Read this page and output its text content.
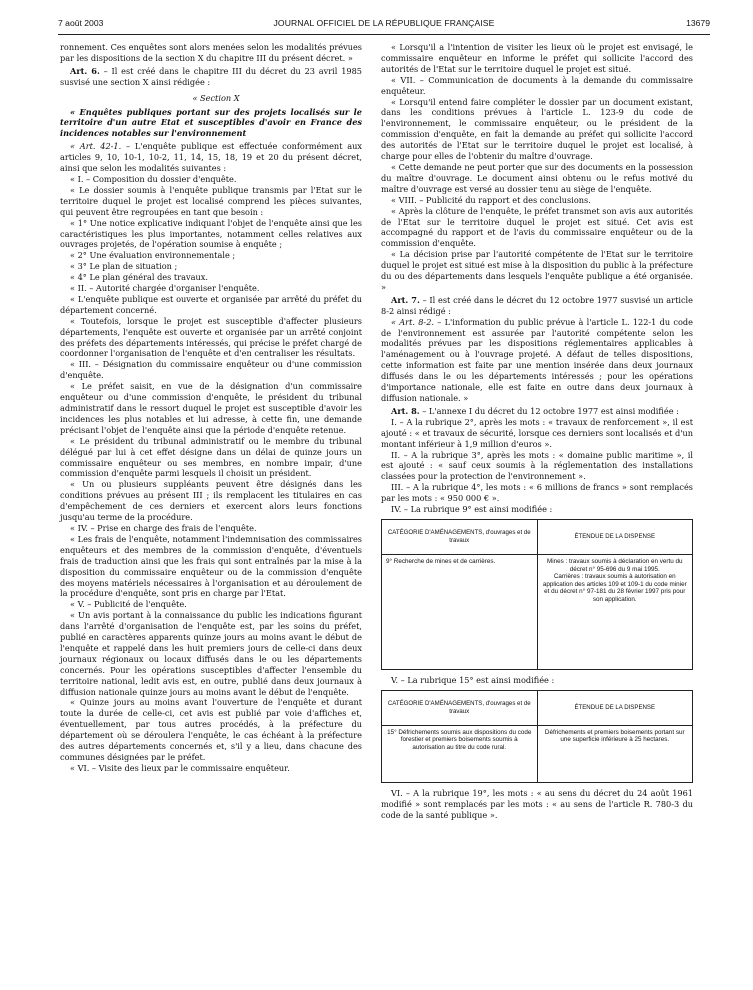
7 août 2003	JOURNAL OFFICIEL DE LA RÉPUBLIQUE FRANÇAISE	13679

ronnement. Ces enquêtes sont alors menées selon les modalités prévues par les dispositions de la section X du chapitre III du présent décret. »

Art. 6. – Il est créé dans le chapitre III du décret du 23 avril 1985 susvisé une section X ainsi rédigée :

« Section X

« Enquêtes publiques portant sur des projets localisés sur le territoire d'un autre Etat et susceptibles d'avoir en France des incidences notables sur l'environnement

« Art. 42-1. – L'enquête publique est effectuée conformément aux articles 9, 10, 10-1, 10-2, 11, 14, 15, 18, 19 et 20 du présent décret, ainsi que selon les modalités suivantes :

« I. – Composition du dossier d'enquête.

« Le dossier soumis à l'enquête publique transmis par l'Etat sur le territoire duquel le projet est localisé comprend les pièces suivantes, qui peuvent être regroupées en tant que besoin :

« 1° Une notice explicative indiquant l'objet de l'enquête ainsi que les caractéristiques les plus importantes, notamment celles relatives aux ouvrages projetés, de l'opération soumise à enquête ;

« 2° Une évaluation environnementale ;

« 3° Le plan de situation ;

« 4° Le plan général des travaux.

« II. – Autorité chargée d'organiser l'enquête.

« L'enquête publique est ouverte et organisée par arrêté du préfet du département concerné.

« Toutefois, lorsque le projet est susceptible d'affecter plusieurs départements, l'enquête est ouverte et organisée par un arrêté conjoint des préfets des départements intéressés, qui précise le préfet chargé de coordonner l'organisation de l'enquête et d'en centraliser les résultats.

« III. – Désignation du commissaire enquêteur ou d'une commission d'enquête.

« Le préfet saisit, en vue de la désignation d'un commissaire enquêteur ou d'une commission d'enquête, le président du tribunal administratif dans le ressort duquel le projet est susceptible d'avoir les incidences les plus notables et lui adresse, à cette fin, une demande précisant l'objet de l'enquête ainsi que la période d'enquête retenue.

« Le président du tribunal administratif ou le membre du tribunal délégué par lui à cet effet désigne dans un délai de quinze jours un commissaire enquêteur ou ses membres, en nombre impair, d'une commission d'enquête parmi lesquels il choisit un président.

« Un ou plusieurs suppléants peuvent être désignés dans les conditions prévues au présent III ; ils remplacent les titulaires en cas d'empêchement de ces derniers et exercent alors leurs fonctions jusqu'au terme de la procédure.

« IV. – Prise en charge des frais de l'enquête.

« Les frais de l'enquête, notamment l'indemnisation des commissaires enquêteurs et des membres de la commission d'enquête, d'éventuels frais de traduction ainsi que les frais qui sont entraînés par la mise à la disposition du commissaire enquêteur ou de la commission d'enquête des moyens matériels nécessaires à l'organisation et au déroulement de la procédure d'enquête, sont pris en charge par l'Etat.

« V. – Publicité de l'enquête.

« Un avis portant à la connaissance du public les indications figurant dans l'arrêté d'organisation de l'enquête est, par les soins du préfet, publié en caractères apparents quinze jours au moins avant le début de l'enquête et rappelé dans les huit premiers jours de celle-ci dans deux journaux régionaux ou locaux diffusés dans le ou les départements concernés. Pour les opérations susceptibles d'affecter l'ensemble du territoire national, ledit avis est, en outre, publié dans deux journaux à diffusion nationale quinze jours au moins avant le début de l'enquête.

« Quinze jours au moins avant l'ouverture de l'enquête et durant toute la durée de celle-ci, cet avis est publié par voie d'affiches et, éventuellement, par tous autres procédés, à la préfecture du département où se déroulera l'enquête, le cas échéant à la préfecture des autres départements concernés et, s'il y a lieu, dans chacune des communes désignées par le préfet.

« VI. – Visite des lieux par le commissaire enquêteur.

« Lorsqu'il a l'intention de visiter les lieux où le projet est envisagé, le commissaire enquêteur en informe le préfet qui sollicite l'accord des autorités de l'Etat sur le territoire duquel le projet est situé.

« VII. – Communication de documents à la demande du commissaire enquêteur.

« Lorsqu'il entend faire compléter le dossier par un document existant, dans les conditions prévues à l'article L. 123-9 du code de l'environnement, le commissaire enquêteur, ou le président de la commission d'enquête, en fait la demande au préfet qui sollicite l'accord des autorités de l'Etat sur le territoire duquel le projet est localisé, à charge pour elles de l'obtenir du maître d'ouvrage.

« Cette demande ne peut porter que sur des documents en la possession du maître d'ouvrage. Le document ainsi obtenu ou le refus motivé du maître d'ouvrage est versé au dossier tenu au siège de l'enquête.

« VIII. – Publicité du rapport et des conclusions.

« Après la clôture de l'enquête, le préfet transmet son avis aux autorités de l'Etat sur le territoire duquel le projet est situé. Cet avis est accompagné du rapport et de l'avis du commissaire enquêteur ou de la commission d'enquête.

« La décision prise par l'autorité compétente de l'Etat sur le territoire duquel le projet est situé est mise à la disposition du public à la préfecture du ou des départements dans lesquels l'enquête publique a été organisée. »

Art. 7. – Il est créé dans le décret du 12 octobre 1977 susvisé un article 8-2 ainsi rédigé :

« Art. 8-2. – L'information du public prévue à l'article L. 122-1 du code de l'environnement est assurée par l'autorité compétente selon les modalités prévues par les dispositions réglementaires applicables à l'aménagement ou à l'ouvrage projeté. A défaut de telles dispositions, cette information est faite par une mention insérée dans deux journaux diffusés dans le ou les départements intéressés ; pour les opérations d'importance nationale, elle est faite en outre dans deux journaux à diffusion nationale. »

Art. 8. – L'annexe I du décret du 12 octobre 1977 est ainsi modifiée :

I. – A la rubrique 2°, après les mots : « travaux de renforcement », il est ajouté : « et travaux de sécurité, lorsque ces derniers sont localisés et d'un montant inférieur à 1,9 million d'euros ».

II. – A la rubrique 3°, après les mots : « domaine public maritime », il est ajouté : « sauf ceux soumis à la réglementation des installations classées pour la protection de l'environnement ».

III. – A la rubrique 4°, les mots : « 6 millions de francs » sont remplacés par les mots : « 950 000 € ».

IV. – La rubrique 9° est ainsi modifiée :

CATÉGORIE D'AMÉNAGEMENTS, d'ouvrages et de travaux	ÉTENDUE DE LA DISPENSE
9° Recherche de mines et de carrières.	Mines : travaux soumis à déclaration en vertu du décret n° 95-696 du 9 mai 1995.
Carrières : travaux soumis à autorisation en application des articles 109 et 109-1 du code minier et du décret n° 97-181 du 28 février 1997 pris pour son application.

V. – La rubrique 15° est ainsi modifiée :

CATÉGORIE D'AMÉNAGEMENTS, d'ouvrages et de travaux	ÉTENDUE DE LA DISPENSE
15° Défrichements soumis aux dispositions du code forestier et premiers boisements soumis à autorisation au titre du code rural.	Défrichements et premiers boisements portant sur une superficie inférieure à 25 hectares.

VI. – A la rubrique 19°, les mots : « au sens du décret du 24 août 1961 modifié » sont remplacés par les mots : « au sens de l'article R. 780-3 du code de la santé publique ».
